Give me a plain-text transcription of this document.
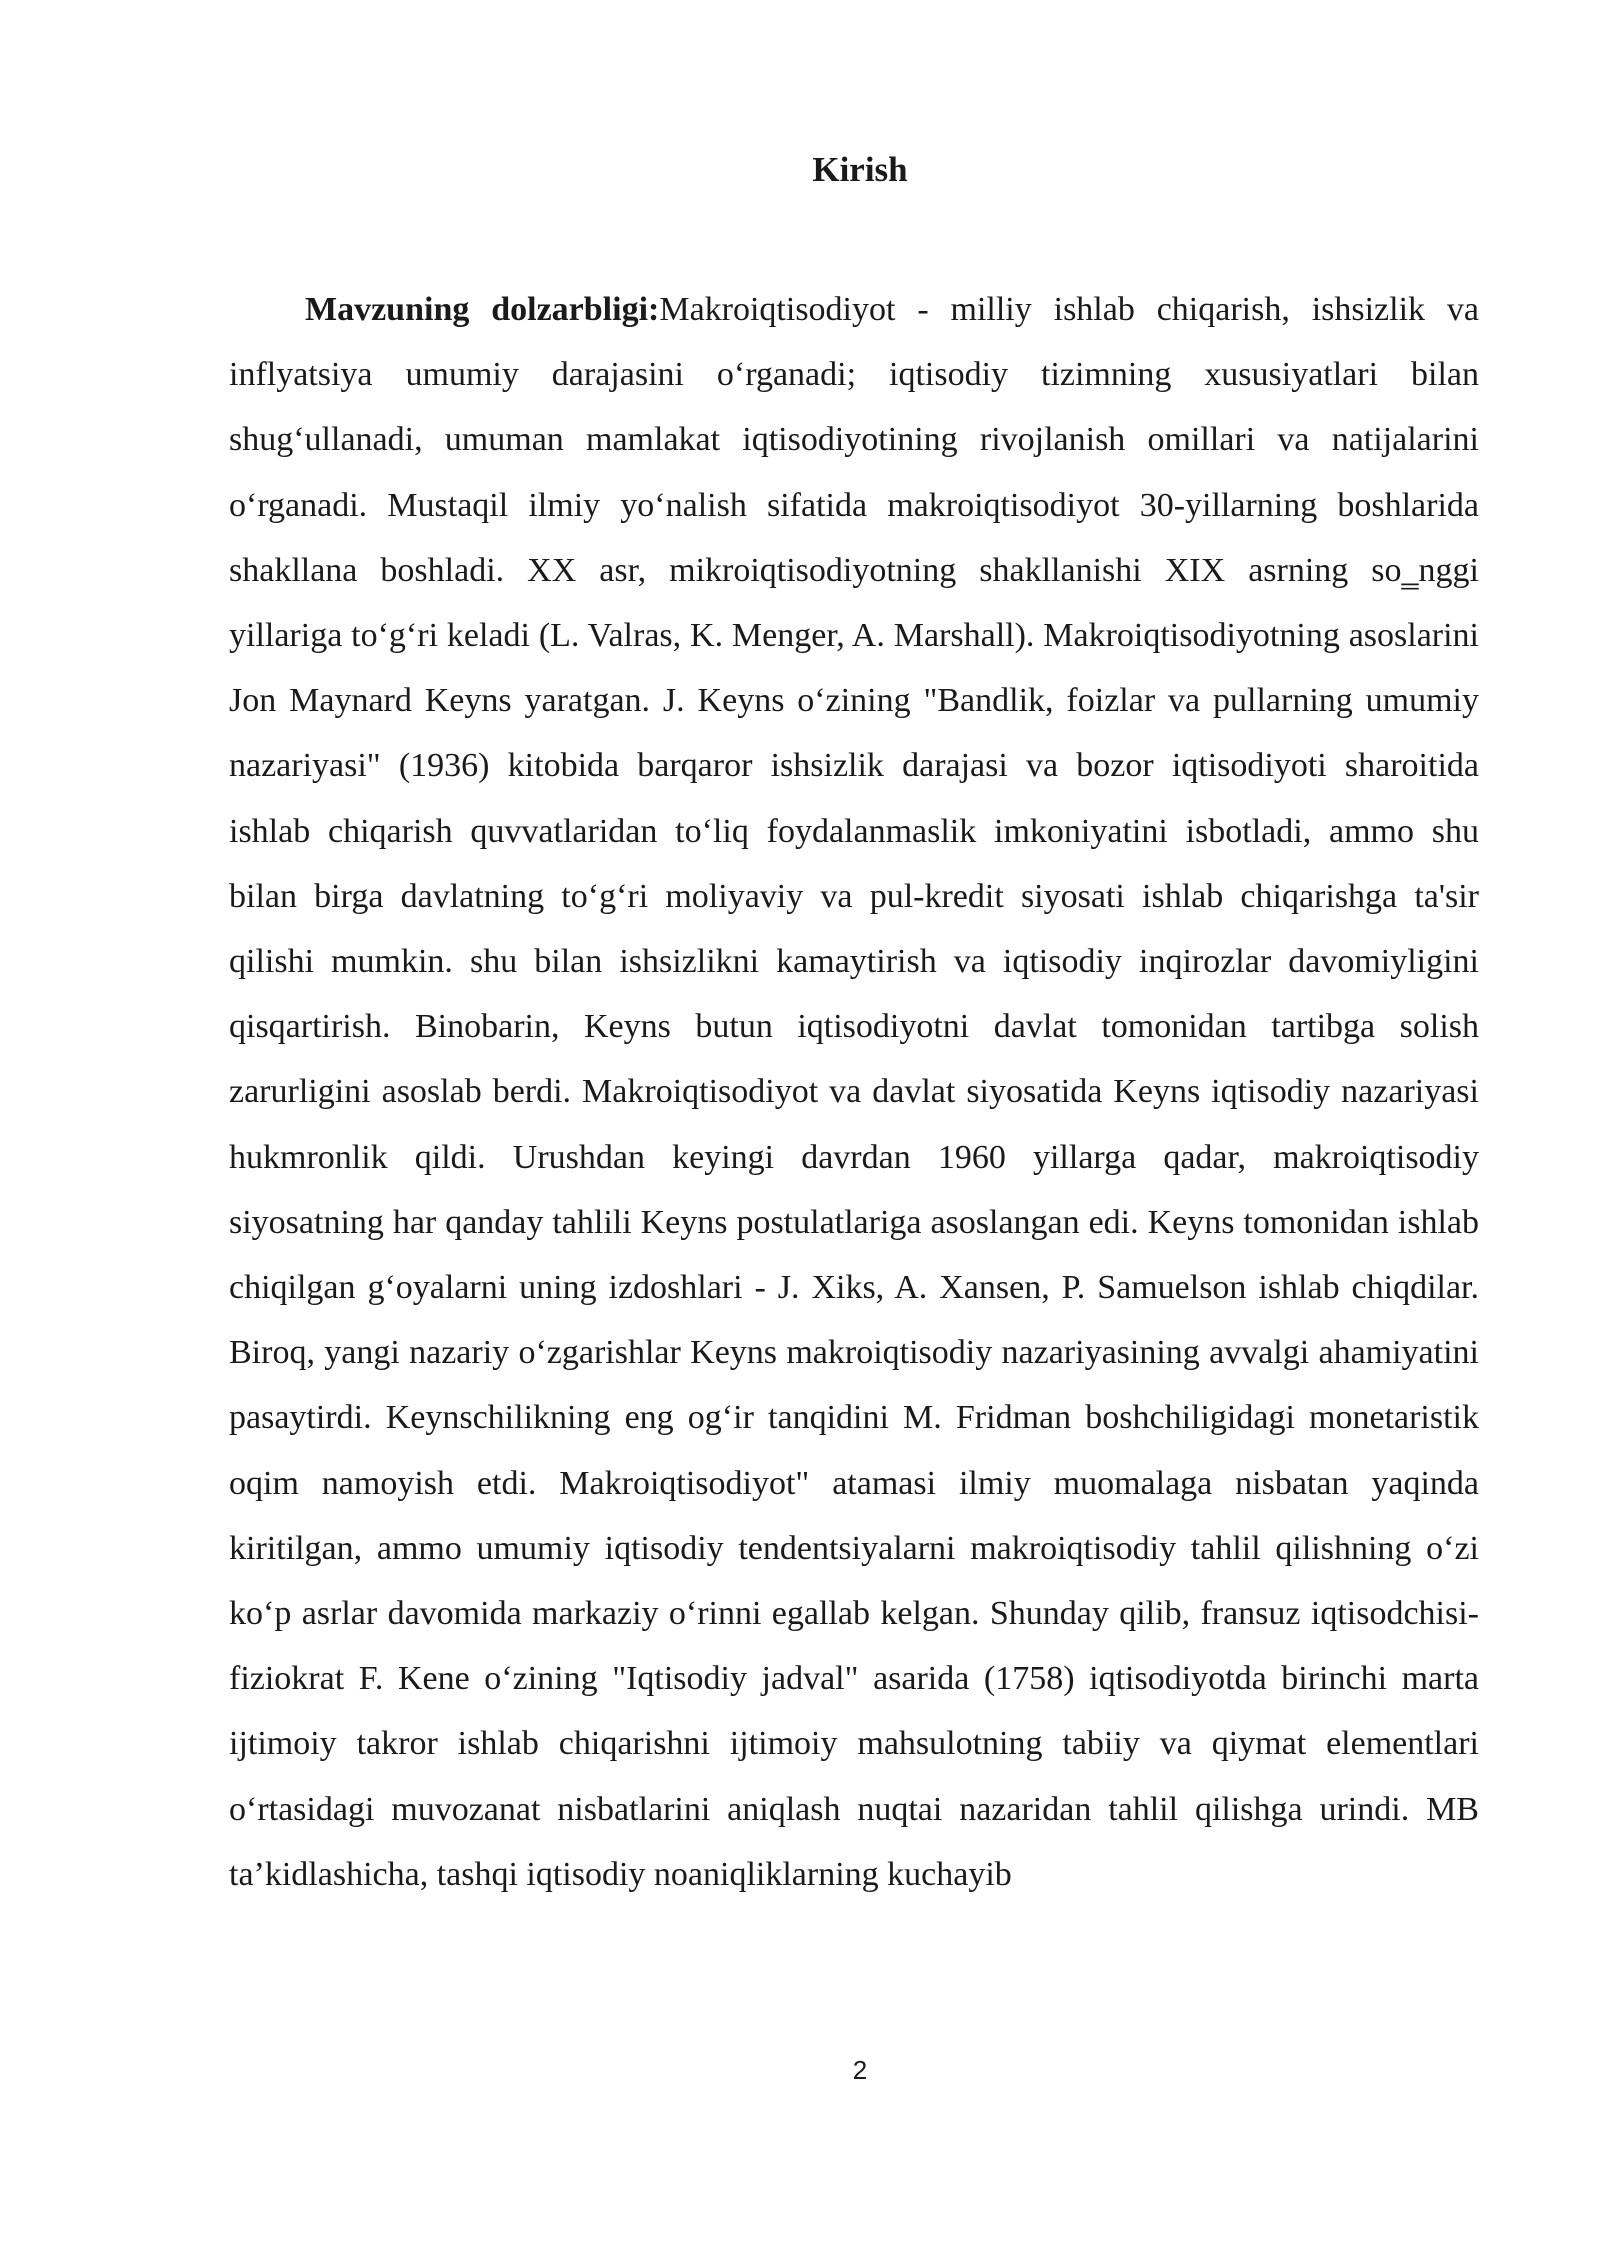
Kirish

Mavzuning dolzarbligi:Makroiqtisodiyot - milliy ishlab chiqarish, ishsizlik va inflyatsiya umumiy darajasini o‘rganadi; iqtisodiy tizimning xususiyatlari bilan shug‘ullanadi, umuman mamlakat iqtisodiyotining rivojlanish omillari va natijalarini o‘rganadi. Mustaqil ilmiy yo‘nalish sifatida makroiqtisodiyot 30-yillarning boshlarida shakllana boshladi. XX asr, mikroiqtisodiyotning shakllanishi XIX asrning so‗nggi yillariga to‘g‘ri keladi (L. Valras, K. Menger, A. Marshall). Makroiqtisodiyotning asoslarini Jon Maynard Keyns yaratgan. J. Keyns o‘zining "Bandlik, foizlar va pullarning umumiy nazariyasi" (1936) kitobida barqaror ishsizlik darajasi va bozor iqtisodiyoti sharoitida ishlab chiqarish quvvatlaridan to‘liq foydalanmaslik imkoniyatini isbotladi, ammo shu bilan birga davlatning to‘g‘ri moliyaviy va pul-kredit siyosati ishlab chiqarishga ta'sir qilishi mumkin. shu bilan ishsizlikni kamaytirish va iqtisodiy inqirozlar davomiyligini qisqartirish. Binobarin, Keyns butun iqtisodiyotni davlat tomonidan tartibga solish zarurligini asoslab berdi. Makroiqtisodiyot va davlat siyosatida Keyns iqtisodiy nazariyasi hukmronlik qildi. Urushdan keyingi davrdan 1960 yillarga qadar, makroiqtisodiy siyosatning har qanday tahlili Keyns postulatlariga asoslangan edi. Keyns tomonidan ishlab chiqilgan g‘oyalarni uning izdoshlari - J. Xiks, A. Xansen, P. Samuelson ishlab chiqdilar. Biroq, yangi nazariy o‘zgarishlar Keyns makroiqtisodiy nazariyasining avvalgi ahamiyatini pasaytirdi. Keynschilikning eng og‘ir tanqidini M. Fridman boshchiligidagi monetaristik oqim namoyish etdi. Makroiqtisodiyot" atamasi ilmiy muomalaga nisbatan yaqinda kiritilgan, ammo umumiy iqtisodiy tendentsiyalarni makroiqtisodiy tahlil qilishning o‘zi ko‘p asrlar davomida markaziy o‘rinni egallab kelgan. Shunday qilib, fransuz iqtisodchisi-fiziokrat F. Kene o‘zining "Iqtisodiy jadval" asarida (1758) iqtisodiyotda birinchi marta ijtimoiy takror ishlab chiqarishni ijtimoiy mahsulotning tabiiy va qiymat elementlari o‘rtasidagi muvozanat nisbatlarini aniqlash nuqtai nazaridan tahlil qilishga urindi. MB ta’kidlashicha, tashqi iqtisodiy noaniqliklarning kuchayib

2
